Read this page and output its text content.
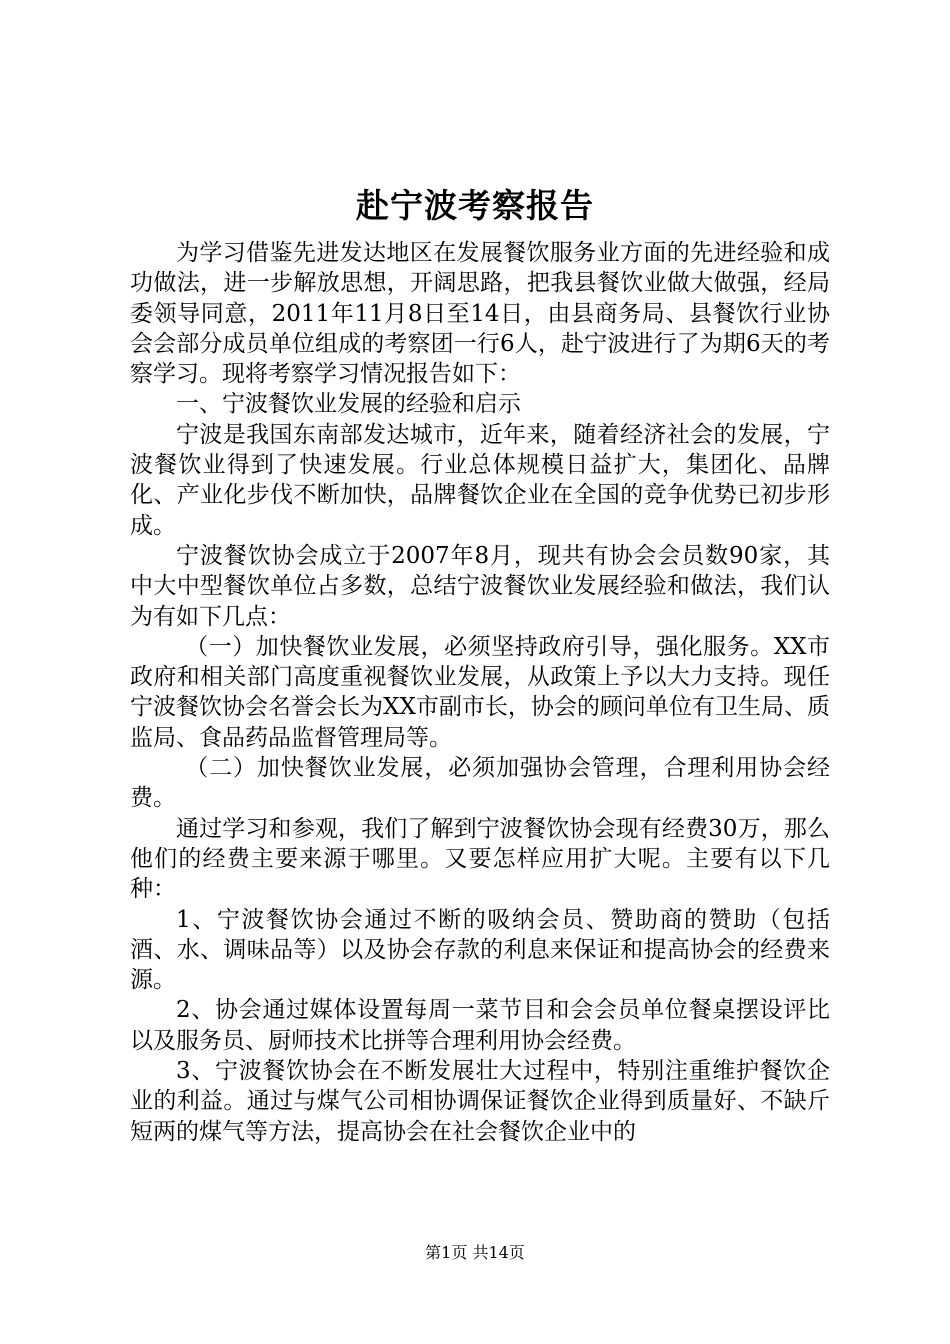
赴宁波考察报告

为学习借鉴先进发达地区在发展餐饮服务业方面的先进经验和成功做法，进一步解放思想，开阔思路，把我县餐饮业做大做强，经局委领导同意，2011年11月8日至14日，由县商务局、县餐饮行业协会会部分成员单位组成的考察团一行6人，赴宁波进行了为期6天的考察学习。现将考察学习情况报告如下：

一、宁波餐饮业发展的经验和启示

宁波是我国东南部发达城市，近年来，随着经济社会的发展，宁波餐饮业得到了快速发展。行业总体规模日益扩大，集团化、品牌化、产业化步伐不断加快，品牌餐饮企业在全国的竞争优势已初步形成。

宁波餐饮协会成立于2007年8月，现共有协会会员数90家，其中大中型餐饮单位占多数，总结宁波餐饮业发展经验和做法，我们认为有如下几点：

（一）加快餐饮业发展，必须坚持政府引导，强化服务。XX市政府和相关部门高度重视餐饮业发展，从政策上予以大力支持。现任宁波餐饮协会名誉会长为XX市副市长，协会的顾问单位有卫生局、质监局、食品药品监督管理局等。

（二）加快餐饮业发展，必须加强协会管理，合理利用协会经费。

通过学习和参观，我们了解到宁波餐饮协会现有经费30万，那么他们的经费主要来源于哪里。又要怎样应用扩大呢。主要有以下几种：

1、宁波餐饮协会通过不断的吸纳会员、赞助商的赞助（包括酒、水、调味品等）以及协会存款的利息来保证和提高协会的经费来源。

2、协会通过媒体设置每周一菜节目和会会员单位餐桌摆设评比以及服务员、厨师技术比拼等合理利用协会经费。

3、宁波餐饮协会在不断发展壮大过程中，特别注重维护餐饮企业的利益。通过与煤气公司相协调保证餐饮企业得到质量好、不缺斤短两的煤气等方法，提高协会在社会餐饮企业中的

第1页 共14页
